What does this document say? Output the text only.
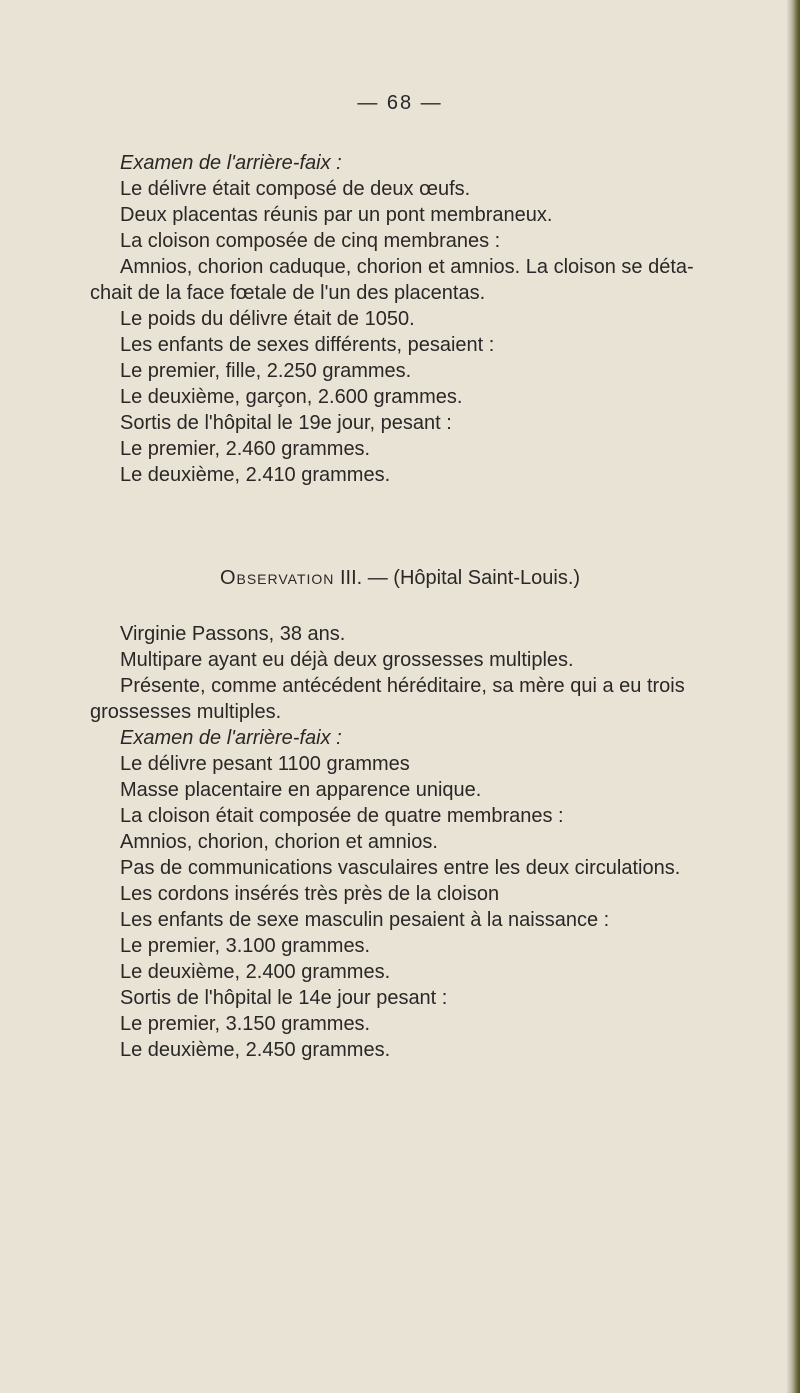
— 68 —
Examen de l'arrière-faix :
Le délivre était composé de deux œufs.
Deux placentas réunis par un pont membraneux.
La cloison composée de cinq membranes :
Amnios, chorion caduque, chorion et amnios. La cloison se déta-
chait de la face fœtale de l'un des placentas.
Le poids du délivre était de 1050.
Les enfants de sexes différents, pesaient :
Le premier, fille, 2.250 grammes.
Le deuxième, garçon, 2.600 grammes.
Sortis de l'hôpital le 19e jour, pesant :
Le premier, 2.460 grammes.
Le deuxième, 2.410 grammes.
Observation III. — (Hôpital Saint-Louis.)
Virginie Passons, 38 ans.
Multipare ayant eu déjà deux grossesses multiples.
Présente, comme antécédent héréditaire, sa mère qui a eu trois
grossesses multiples.
Examen de l'arrière-faix :
Le délivre pesant 1100 grammes
Masse placentaire en apparence unique.
La cloison était composée de quatre membranes :
Amnios, chorion, chorion et amnios.
Pas de communications vasculaires entre les deux circulations.
Les cordons insérés très près de la cloison
Les enfants de sexe masculin pesaient à la naissance :
Le premier, 3.100 grammes.
Le deuxième, 2.400 grammes.
Sortis de l'hôpital le 14e jour pesant :
Le premier, 3.150 grammes.
Le deuxième, 2.450 grammes.
